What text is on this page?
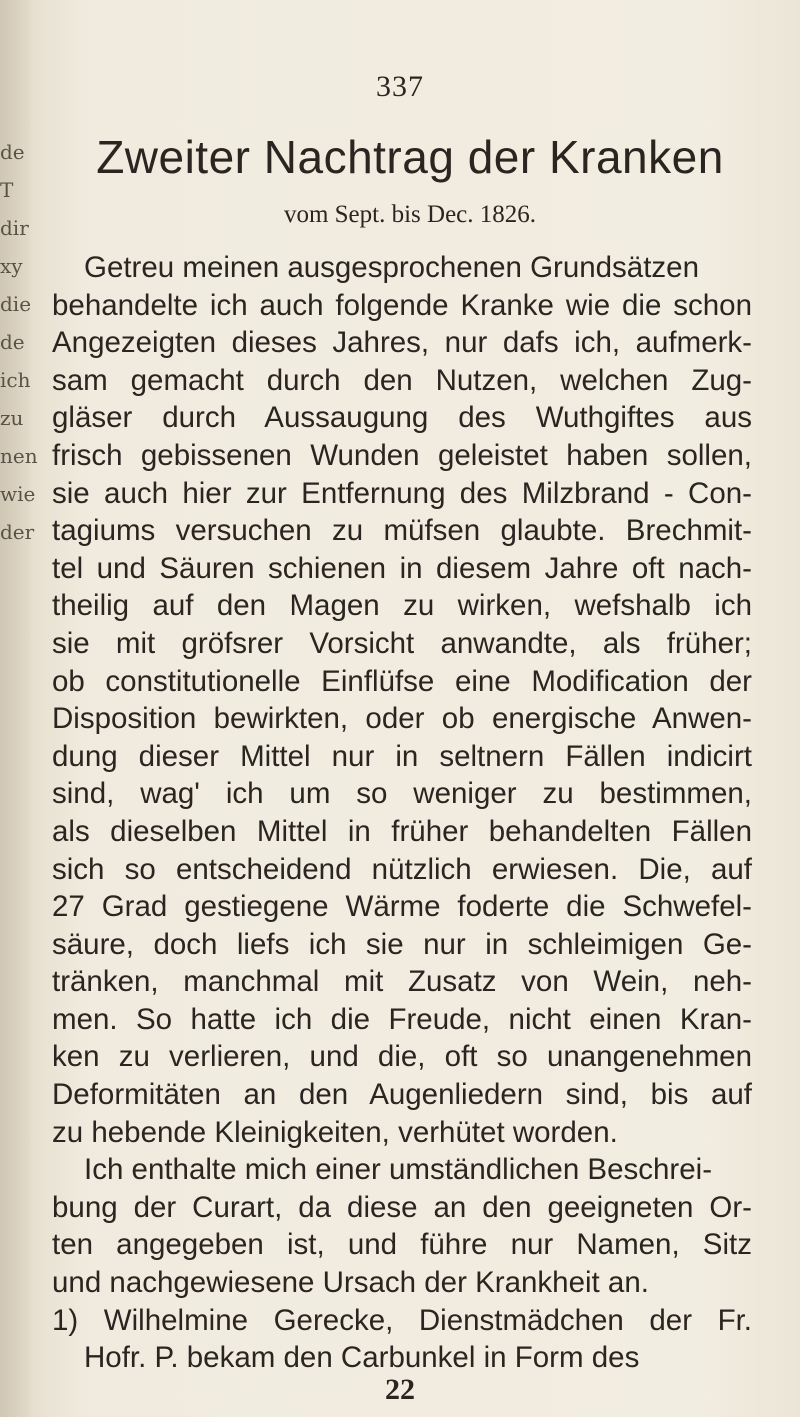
de
T
dir
xy
die
de
ich
zu
nen
wie
der
337
Zweiter Nachtrag der Kranken
vom Sept. bis Dec. 1826.
Getreu meinen ausgesprochenen Grundsätzen
behandelte ich auch folgende Kranke wie die schon
Angezeigten dieses Jahres, nur dafs ich, aufmerk-
sam gemacht durch den Nutzen, welchen Zug-
gläser durch Aussaugung des Wuthgiftes aus
frisch gebissenen Wunden geleistet haben sollen,
sie auch hier zur Entfernung des Milzbrand - Con-
tagiums versuchen zu müfsen glaubte. Brechmit-
tel und Säuren schienen in diesem Jahre oft nach-
theilig auf den Magen zu wirken, wefshalb ich
sie mit gröfsrer Vorsicht anwandte, als früher;
ob constitutionelle Einflüfse eine Modification der
Disposition bewirkten, oder ob energische Anwen-
dung dieser Mittel nur in seltnern Fällen indicirt
sind, wag' ich um so weniger zu bestimmen,
als dieselben Mittel in früher behandelten Fällen
sich so entscheidend nützlich erwiesen. Die, auf
27 Grad gestiegene Wärme foderte die Schwefel-
säure, doch liefs ich sie nur in schleimigen Ge-
tränken, manchmal mit Zusatz von Wein, neh-
men. So hatte ich die Freude, nicht einen Kran-
ken zu verlieren, und die, oft so unangenehmen
Deformitäten an den Augenliedern sind, bis auf
zu hebende Kleinigkeiten, verhütet worden.
Ich enthalte mich einer umständlichen Beschrei-
bung der Curart, da diese an den geeigneten Or-
ten angegeben ist, und führe nur Namen, Sitz
und nachgewiesene Ursach der Krankheit an.
1) Wilhelmine Gerecke, Dienstmädchen der Fr.
Hofr. P. bekam den Carbunkel in Form des
22
